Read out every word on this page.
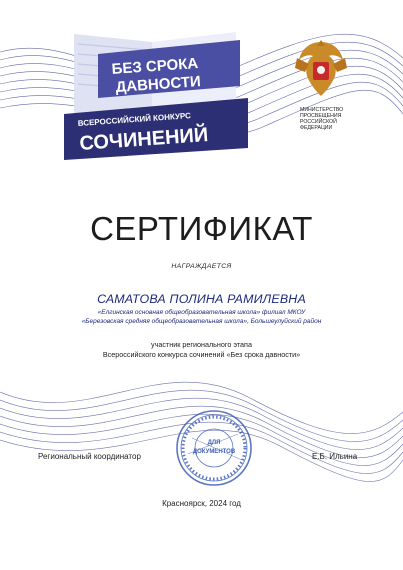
БЕЗ СРОКА
ДАВНОСТИ
ВСЕРОССИЙСКИЙ КОНКУРС
СОЧИНЕНИЙ
МИНИСТЕРСТВО
ПРОСВЕЩЕНИЯ
РОССИЙСКОЙ
ФЕДЕРАЦИИ
СЕРТИФИКАТ
НАГРАЖДАЕТСЯ
САМАТОВА ПОЛИНА РАМИЛЕВНА
«Елгинская основная общеобразовательная школа» филиал МКОУ
«Березовская средняя общеобразовательная школа», Большеулуйский район
участник регионального этапа
Всероссийского конкурса сочинений «Без срока давности»
ДЛЯ
ДОКУМЕНТОВ
Региональный координатор	Е.Б. Ильина
Красноярск, 2024 год
